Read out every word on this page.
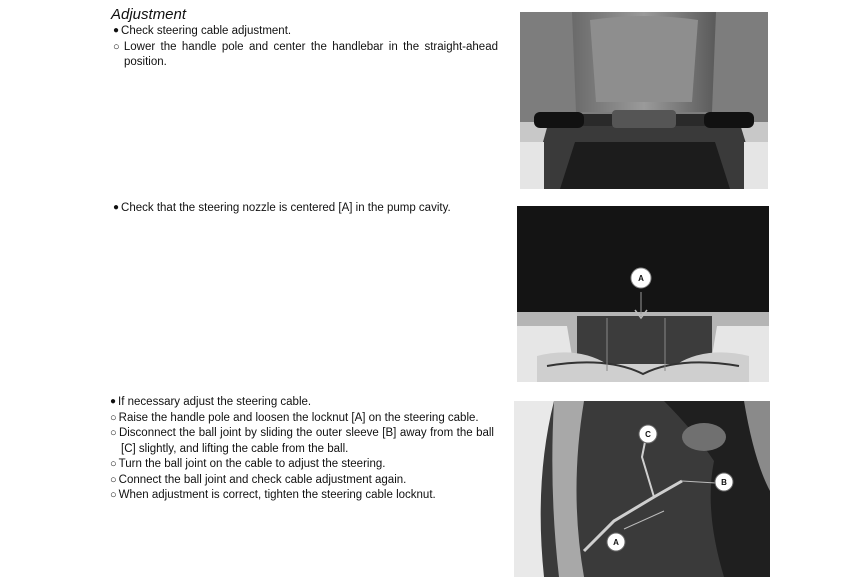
Adjustment
● Check steering cable adjustment.
○ Lower the handle pole and center the handlebar in the straight-ahead position.
● Check that the steering nozzle is centered [A] in the pump cavity.
● If necessary adjust the steering cable.
○ Raise the handle pole and loosen the locknut [A] on the steering cable.
○ Disconnect the ball joint by sliding the outer sleeve [B] away from the ball [C] slightly, and lifting the cable from the ball.
○ Turn the ball joint on the cable to adjust the steering.
○ Connect the ball joint and check cable adjustment again.
○ When adjustment is correct, tighten the steering cable locknut.
A
C
B
A
